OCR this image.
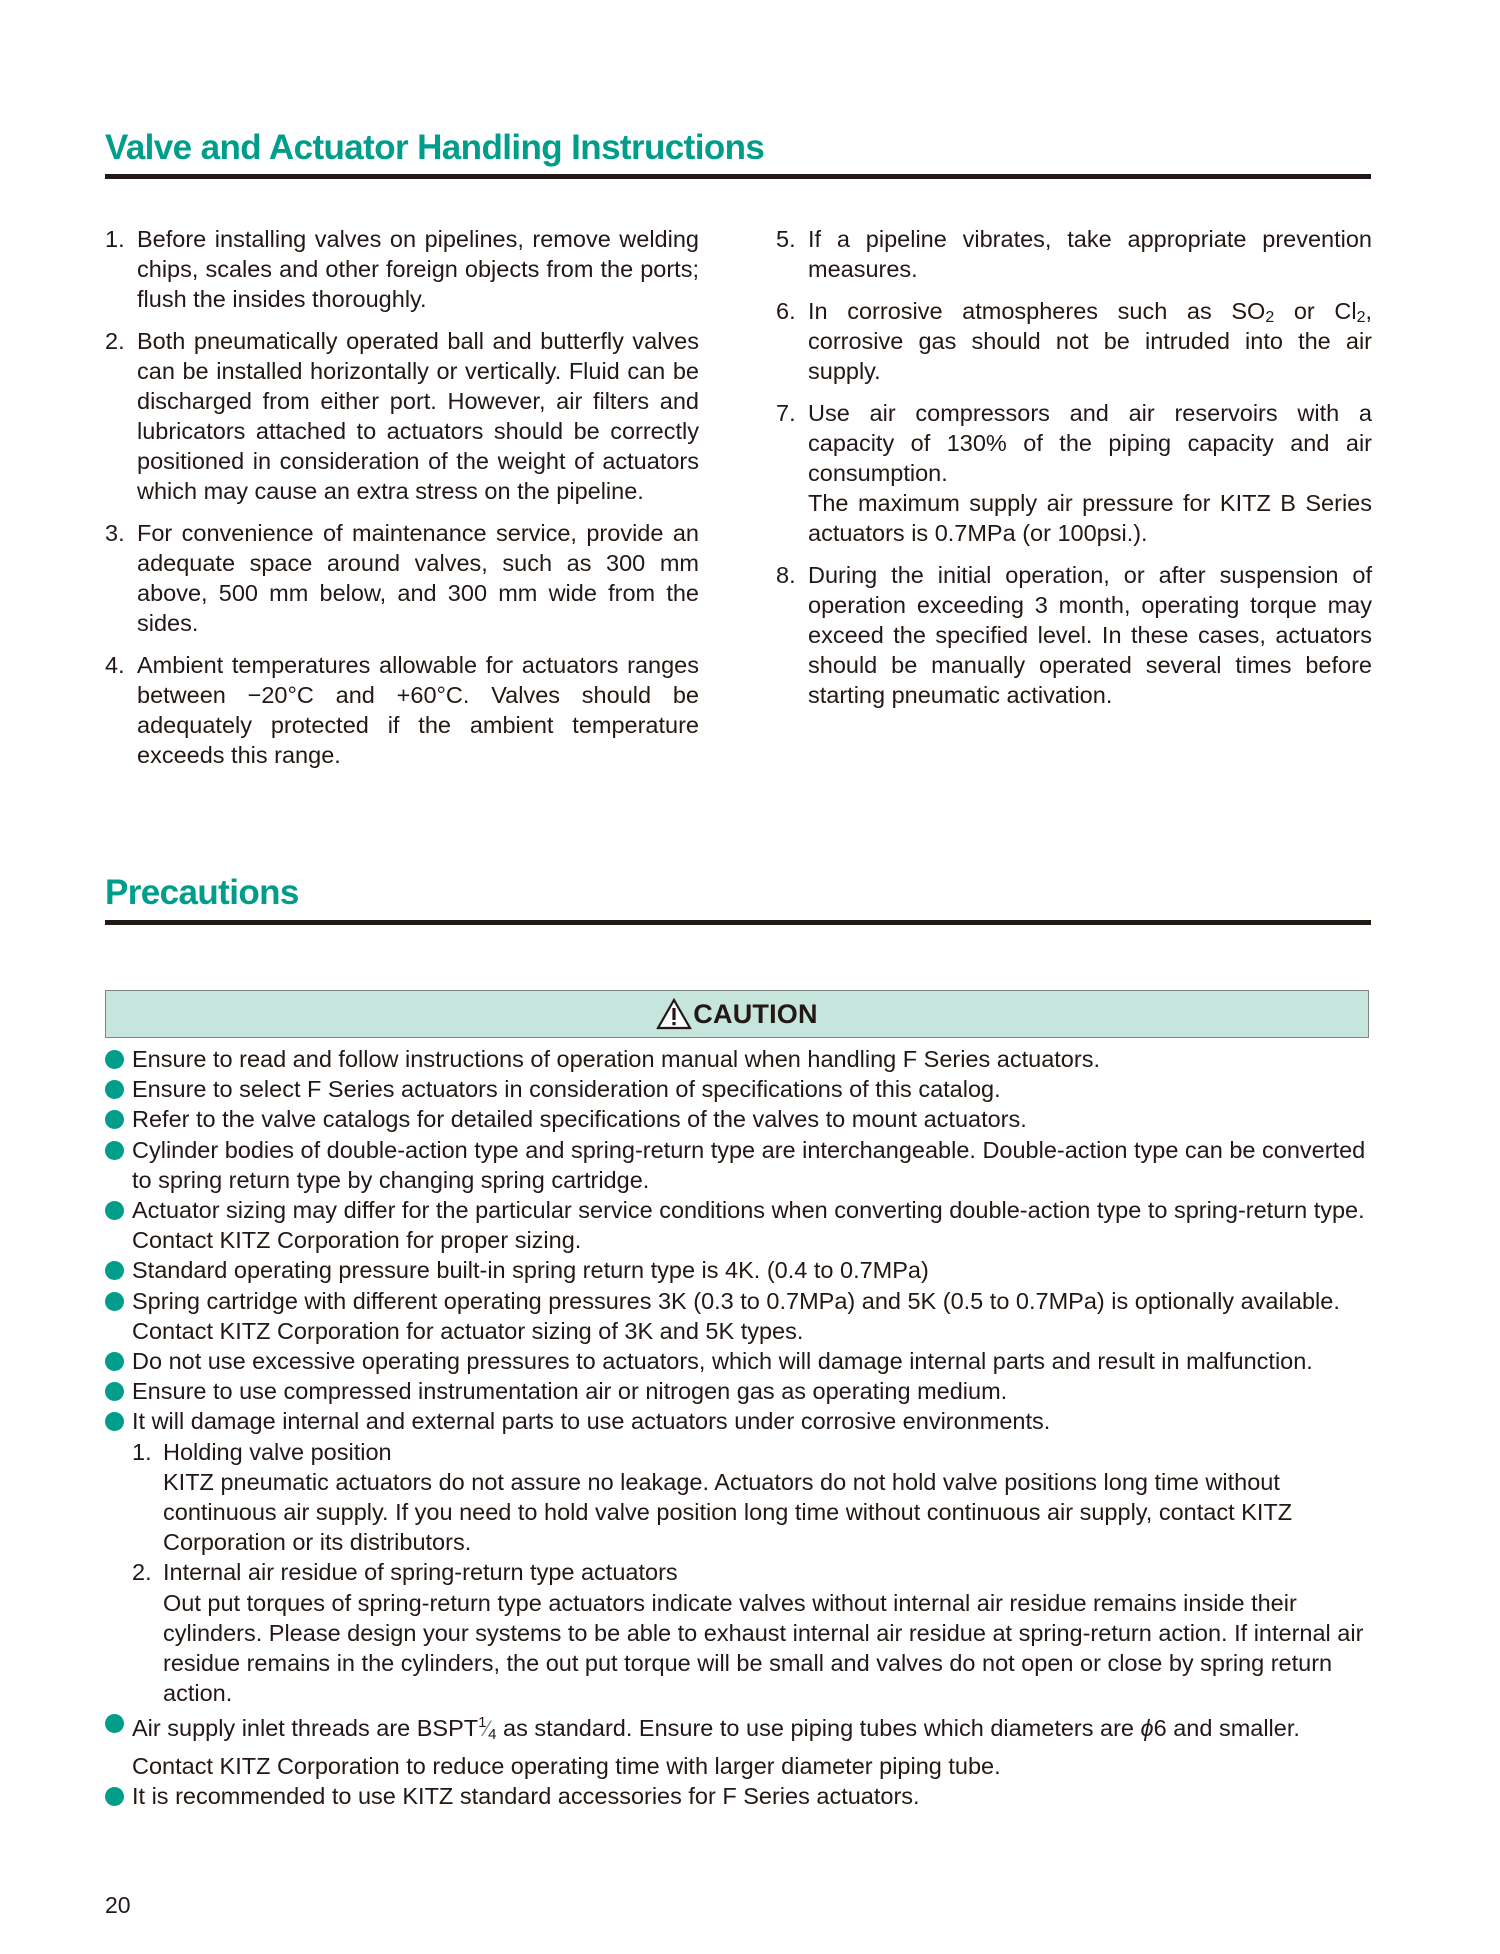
Valve and Actuator Handling Instructions
1. Before installing valves on pipelines, remove welding chips, scales and other foreign objects from the ports; flush the insides thoroughly.

2. Both pneumatically operated ball and butterfly valves can be installed horizontally or vertically. Fluid can be discharged from either port. However, air filters and lubricators attached to actuators should be correctly positioned in consideration of the weight of actuators which may cause an extra stress on the pipeline.

3. For convenience of maintenance service, provide an adequate space around valves, such as 300 mm above, 500 mm below, and 300 mm wide from the sides.

4. Ambient temperatures allowable for actuators ranges between −20°C and +60°C. Valves should be adequately protected if the ambient temperature exceeds this range.

5. If a pipeline vibrates, take appropriate prevention measures.

6. In corrosive atmospheres such as $SO_2$ or $Cl_2$, corrosive gas should not be intruded into the air supply.

7. Use air compressors and air reservoirs with a capacity of 130% of the piping capacity and air consumption.

The maximum supply air pressure for KITZ B Series actuators is 0.7MPa (or 100psi.).

8. During the initial operation, or after suspension of operation exceeding 3 month, operating torque may exceed the specified level. In these cases, actuators should be manually operated several times before starting pneumatic activation.

Precautions
CAUTION
Ensure to read and follow instructions of operation manual when handling F Series actuators.
Ensure to select F Series actuators in consideration of specifications of this catalog.
Refer to the valve catalogs for detailed specifications of the valves to mount actuators.
Cylinder bodies of double-action type and spring-return type are interchangeable. Double-action type can be converted to spring return type by changing spring cartridge.
Actuator sizing may differ for the particular service conditions when converting double-action type to spring-return type. Contact KITZ Corporation for proper sizing.
Standard operating pressure built-in spring return type is 4K. (0.4 to 0.7MPa)
Spring cartridge with different operating pressures 3K (0.3 to 0.7MPa) and 5K (0.5 to 0.7MPa) is optionally available. Contact KITZ Corporation for actuator sizing of 3K and 5K types.
Do not use excessive operating pressures to actuators, which will damage internal parts and result in malfunction.
Ensure to use compressed instrumentation air or nitrogen gas as operating medium.
It will damage internal and external parts to use actuators under corrosive environments.
1. Holding valve position
KITZ pneumatic actuators do not assure no leakage. Actuators do not hold valve positions long time without continuous air supply. If you need to hold valve position long time without continuous air supply, contact KITZ Corporation or its distributors.
2. Internal air residue of spring-return type actuators
Out put torques of spring-return type actuators indicate valves without internal air residue remains inside their cylinders. Please design your systems to be able to exhaust internal air residue at spring-return action. If internal air residue remains in the cylinders, the out put torque will be small and valves do not open or close by spring return action.
Air supply inlet threads are BSPT1⁄4 as standard. Ensure to use piping tubes which diameters are ϕ6 and smaller. Contact KITZ Corporation to reduce operating time with larger diameter piping tube.
It is recommended to use KITZ standard accessories for F Series actuators.
20
